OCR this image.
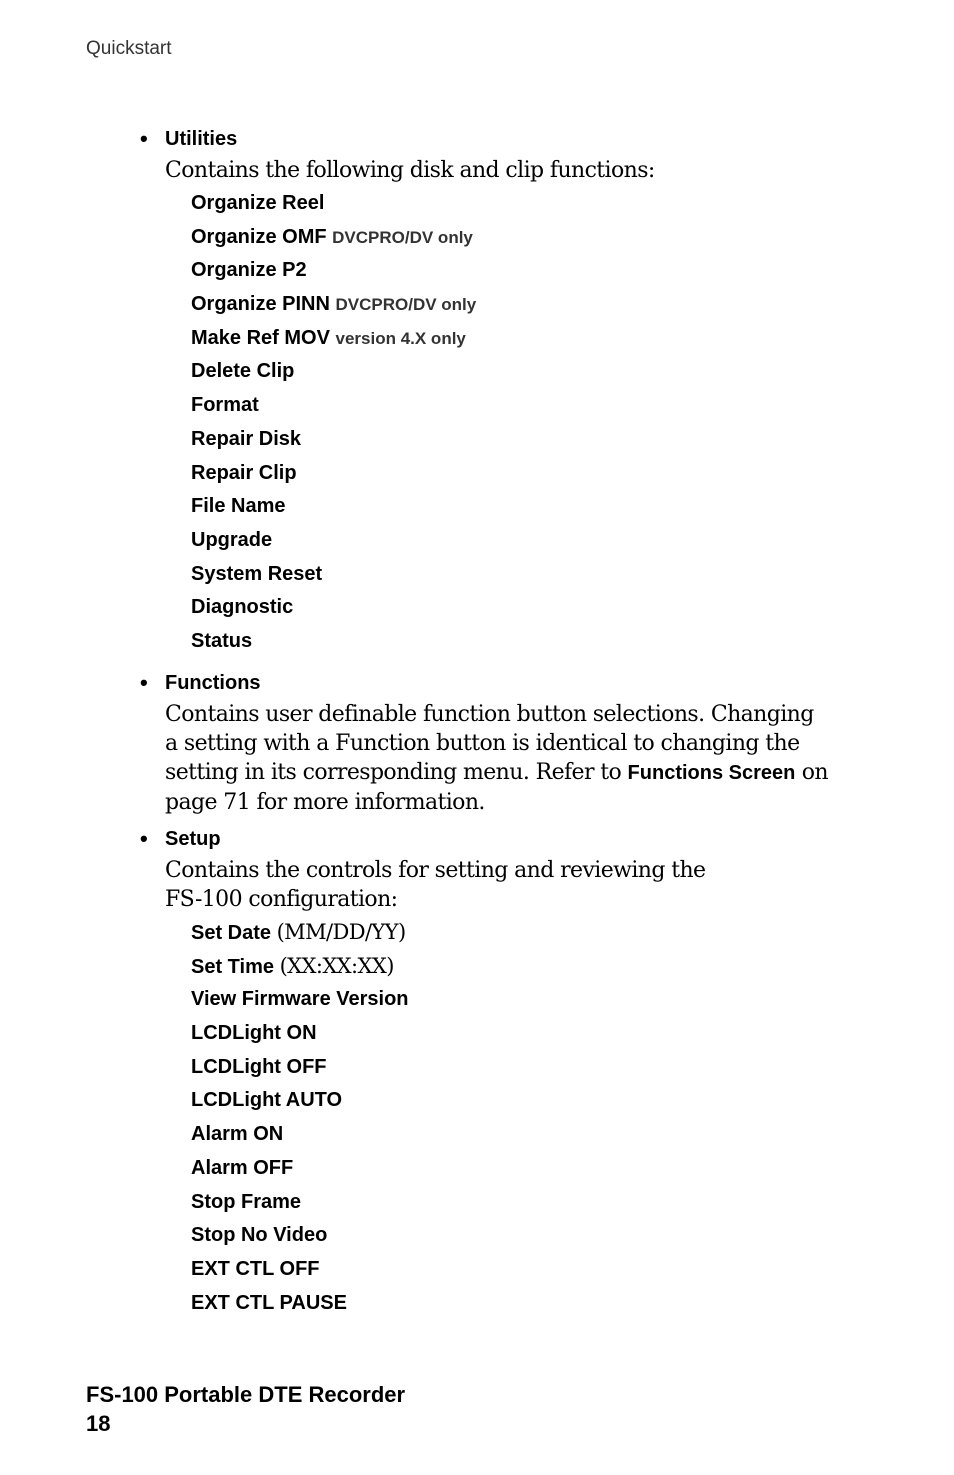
Quickstart
• Utilities
Contains the following disk and clip functions:
Organize Reel
Organize OMF DVCPRO/DV only
Organize P2
Organize PINN DVCPRO/DV only
Make Ref MOV version 4.X only
Delete Clip
Format
Repair Disk
Repair Clip
File Name
Upgrade
System Reset
Diagnostic
Status
• Functions
Contains user definable function button selections. Changing a setting with a Function button is identical to changing the setting in its corresponding menu. Refer to Functions Screen on page 71 for more information.
• Setup
Contains the controls for setting and reviewing the
FS-100 configuration:
Set Date (MM/DD/YY)
Set Time (XX:XX:XX)
View Firmware Version
LCDLight ON
LCDLight OFF
LCDLight AUTO
Alarm ON
Alarm OFF
Stop Frame
Stop No Video
EXT CTL OFF
EXT CTL PAUSE
FS-100 Portable DTE Recorder
18
